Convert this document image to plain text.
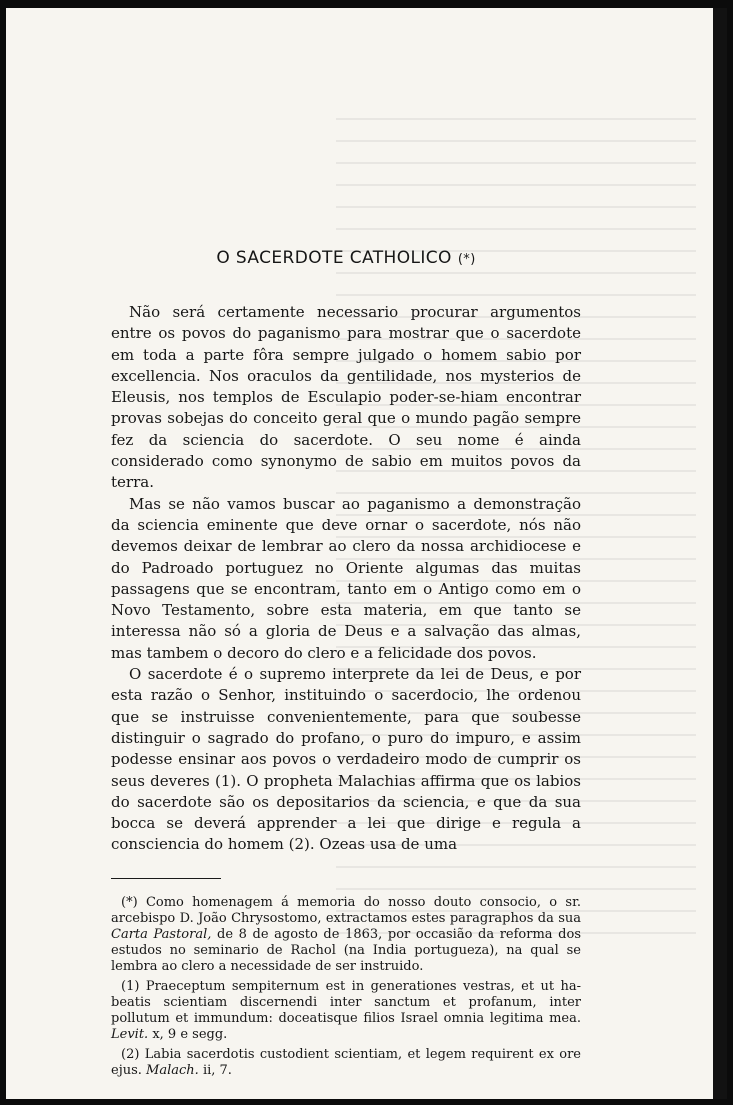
O SACERDOTE CATHOLICO (*)

Não será certamente necessario procurar argumentos entre os povos do paganismo para mostrar que o sacerdote em toda a parte fôra sempre julgado o homem sabio por excellencia. Nos oraculos da gentilidade, nos mysterios de Eleusis, nos templos de Esculapio poder-se-hiam encontrar provas sobejas do conceito geral que o mundo pagão sempre fez da sciencia do sacerdote. O seu nome é ainda considerado como synonymo de sabio em muitos povos da terra.

Mas se não vamos buscar ao paganismo a demonstração da sciencia eminente que deve ornar o sacerdote, nós não devemos deixar de lembrar ao clero da nossa archidiocese e do Padroado portuguez no Oriente algumas das muitas passagens que se encontram, tanto em o Antigo como em o Novo Testamento, sobre esta materia, em que tanto se interessa não só a gloria de Deus e a salvação das almas, mas tambem o decoro do clero e a felicidade dos povos.

O sacerdote é o supremo interprete da lei de Deus, e por esta razão o Senhor, instituindo o sacerdocio, lhe ordenou que se instruisse convenientemente, para que soubesse distinguir o sagrado do profano, o puro do impuro, e assim podesse ensinar aos povos o verdadeiro modo de cumprir os seus deveres (1). O propheta Malachias affirma que os labios do sacerdote são os depositarios da sciencia, e que da sua bocca se deverá apprender a lei que dirige e regula a consciencia do homem (2). Ozeas usa de uma

(*) Como homenagem á memoria do nosso douto consocio, o sr. arcebispo D. João Chrysostomo, extractamos estes paragraphos da sua Carta Pastoral, de 8 de agosto de 1863, por occasião da reforma dos estudos no seminario de Rachol (na India portugueza), na qual se lembra ao clero a necessidade de ser instruido.

(1) Praeceptum sempiternum est in generationes vestras, et ut habeatis scientiam discernendi inter sanctum et profanum, inter pollutum et immundum: doceatisque filios Israel omnia legitima mea. Levit. x, 9 e segg.

(2) Labia sacerdotis custodient scientiam, et legem requirent ex ore ejus. Malach. ii, 7.
